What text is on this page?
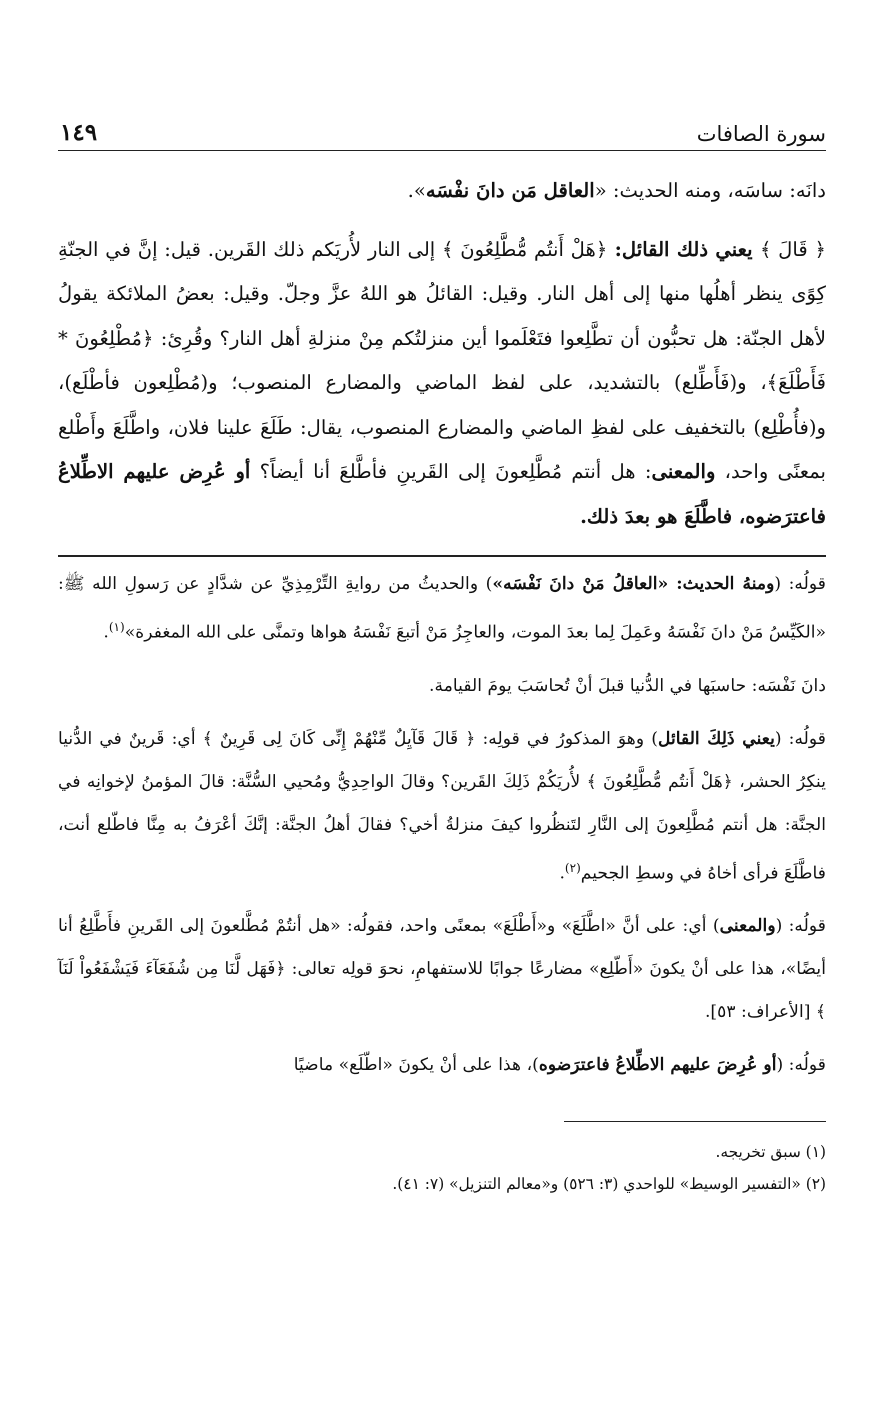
سورة الصافات
١٤٩

دانَه: ساسَه، ومنه الحديث: «العاقل مَن دانَ نفْسَه».

﴿ قَالَ ﴾ يعني ذلك القائل: ﴿هَلْ أَنتُم مُّطَّلِعُونَ ﴾ إلى النار لأُريَكم ذلك القَرين. قيل: إنَّ في الجنّةِ كِوًى ينظر أهلُها منها إلى أهل النار. وقيل: القائلُ هو اللهُ عزَّ وجلّ. وقيل: بعضُ الملائكة يقولُ لأهل الجنّة: هل تحبُّون أن تطَّلِعوا فتَعْلَموا أين منزلتُكم مِنْ منزلةِ أهل النار؟ وقُرِئ: ﴿مُطْلِعُونَ * فَأَطْلَعَ﴾، و(فَأَطِّلع) بالتشديد، على لفظ الماضي والمضارع المنصوب؛ و(مُطْلِعون فأطْلَع)، و(فأُطْلِع) بالتخفيف على لفظِ الماضي والمضارع المنصوب، يقال: طَلَعَ علينا فلان، واطَّلَعَ وأَطْلع بمعنًى واحد، والمعنى: هل أنتم مُطَّلِعونَ إلى القَرينِ فأطَّلعَ أنا أيضاً؟ أو عُرِض عليهم الاطِّلاعُ فاعترَضوه، فاطَّلَعَ هو بعدَ ذلك.

قولُه: (ومنهُ الحديث: «العاقلُ مَنْ دانَ نَفْسَه») والحديثُ من روايةِ التِّرْمِذِيِّ عن شدَّادٍ عن رَسولِ الله ﷺ: «الكَيِّسُ مَنْ دانَ نَفْسَهُ وعَمِلَ لِما بعدَ الموت، والعاجِزُ مَنْ أتبعَ نَفْسَهُ هواها وتمنَّى على الله المغفرة»$^{(١)}$.

دانَ نَفْسَه: حاسبَها في الدُّنيا قبلَ أنْ تُحاسَبَ يومَ القيامة.

قولُه: (يعني ذَلِكَ القائل) وهوَ المذكورُ في قولِه: ﴿ قَالَ قَآيِلٌ مِّنْهُمْ إِنِّى كَانَ لِى قَرِينٌ ﴾ أي: قَرينٌ في الدُّنيا ينكِرُ الحشر، ﴿هَلْ أَنتُم مُّطَّلِعُونَ ﴾ لأُريَكُمْ ذَلِكَ القَرين؟ وقالَ الواحِدِيُّ ومُحيي السُّنَّة: قالَ المؤمنُ لإخوانِه في الجنَّة: هل أنتم مُطَّلِعونَ إلى النَّارِ لتَنظُروا كيفَ منزلةُ أخي؟ فقالَ أهلُ الجنَّة: إنَّكَ أعْرَفُ به مِنَّا فاطّلع أنت، فاطَّلَعَ فرأى أخاهُ في وسطِ الجحيم$^{(٢)}$.

قولُه: (والمعنى) أي: على أنَّ «اطَّلَعَ» و«أَطْلَعَ» بمعنًى واحد، فقولُه: «هل أنتُمْ مُطَّلعونَ إلى القَرينِ فأَطَّلِعُ أنا أيضًا»، هذا على أنْ يكونَ «أَطّلِع» مضارعًا جوابًا للاستفهامِ، نحوَ قولِه تعالى: ﴿فَهَل لَّنَا مِن شُفَعَآءَ فَيَشْفَعُواْ لَنَآ ﴾ [الأعراف: ٥٣].

قولُه: (أو عُرِضَ عليهم الاطِّلاعُ فاعترَضوه)، هذا على أنْ يكونَ «اطّلَع» ماضيًا

(١) سبق تخريجه.

(٢) «التفسير الوسيط» للواحدي (٣: ٥٢٦) و«معالم التنزيل» (٧: ٤١).
